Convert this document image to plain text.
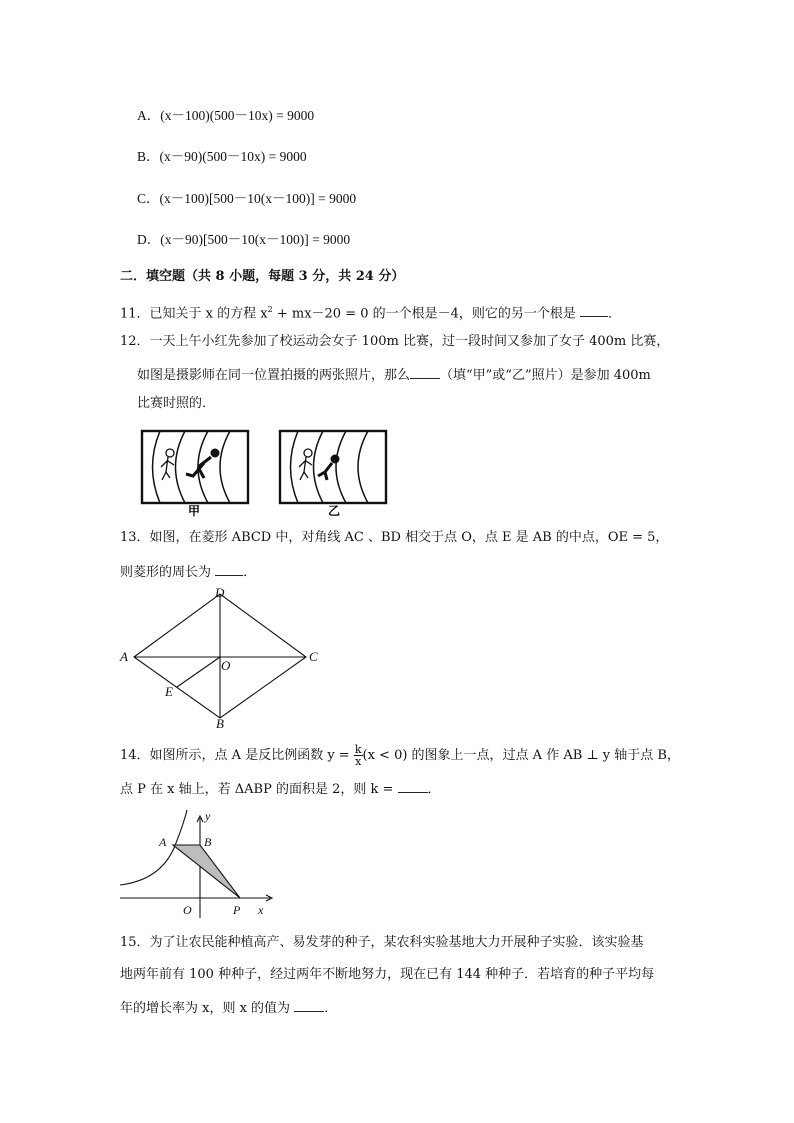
A．(x－100)(500－10x) = 9000
B．(x－90)(500－10x) = 9000
C．(x－100)[500－10(x－100)] = 9000
D．(x－90)[500－10(x－100)] = 9000
二．填空题（共 8 小题，每题 3 分，共 24 分）
11．已知关于 x 的方程 $x^2 + mx-20 = 0$ 的一个根是－4，则它的另一个根是 ．
12．一天上午小红先参加了校运动会女子 100m 比赛，过一段时间又参加了女子 400m 比赛，
如图是摄影师在同一位置拍摄的两张照片，那么 （填“甲”或“乙”照片）是参加 400m
比赛时照的．
甲	乙
13．如图，在菱形 ABCD 中，对角线 AC 、BD 相交于点 O，点 E 是 AB 的中点，OE = 5，
则菱形的周长为 ．
A
D
C
B
O
E
14．如图所示，点 A 是反比例函数 $y = \frac{k}{x} (x < 0)$ 的图象上一点，过点 A 作 AB ⊥ y 轴于点 B，
点 P 在 x 轴上，若 ΔABP 的面积是 2，则 k = ．
A	B
O	P x
y
15．为了让农民能种植高产、易发芽的种子，某农科实验基地大力开展种子实验．该实验基
地两年前有 100 种种子，经过两年不断地努力，现在已有 144 种种子．若培育的种子平均每
年的增长率为 x，则 x 的值为 ．
